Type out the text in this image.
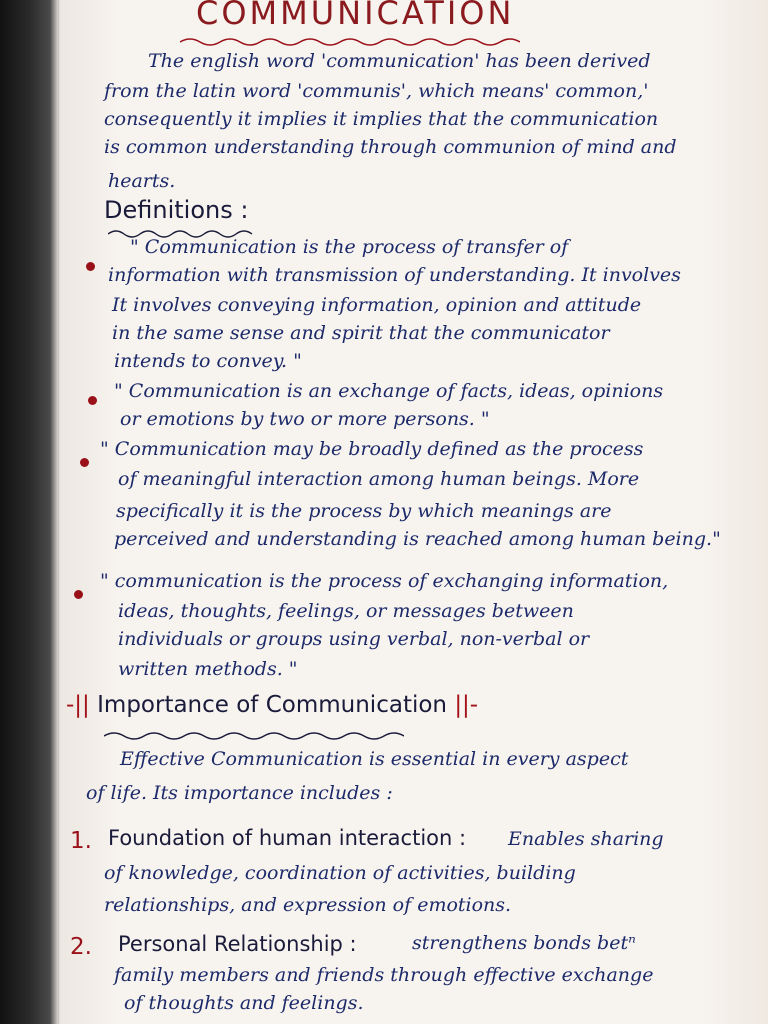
COMMUNICATION
The english word 'communication' has been derived
from the latin word 'communis', which means' common,'
consequently it implies it implies that the communication
is common understanding through communion of mind and
hearts.
Definitions :
" Communication is the process of transfer of
information with transmission of understanding. It involves
It involves conveying information, opinion and attitude
in the same sense and spirit that the communicator
intends to convey. "
" Communication is an exchange of facts, ideas, opinions
or emotions by two or more persons. "
" Communication may be broadly defined as the process
of meaningful interaction among human beings. More
specifically it is the process by which meanings are
perceived and understanding is reached among human being."
" communication is the process of exchanging information,
ideas, thoughts, feelings, or messages between
individuals or groups using verbal, non-verbal or
written methods. "
-|| Importance of Communication ||-
Effective Communication is essential in every aspect
of life. Its importance includes :
1. Foundation of human interaction : Enables sharing
of knowledge, coordination of activities, building
relationships, and expression of emotions.
2. Personal Relationship :	strengthens bonds betⁿ
family members and friends through effective exchange
of thoughts and feelings.
